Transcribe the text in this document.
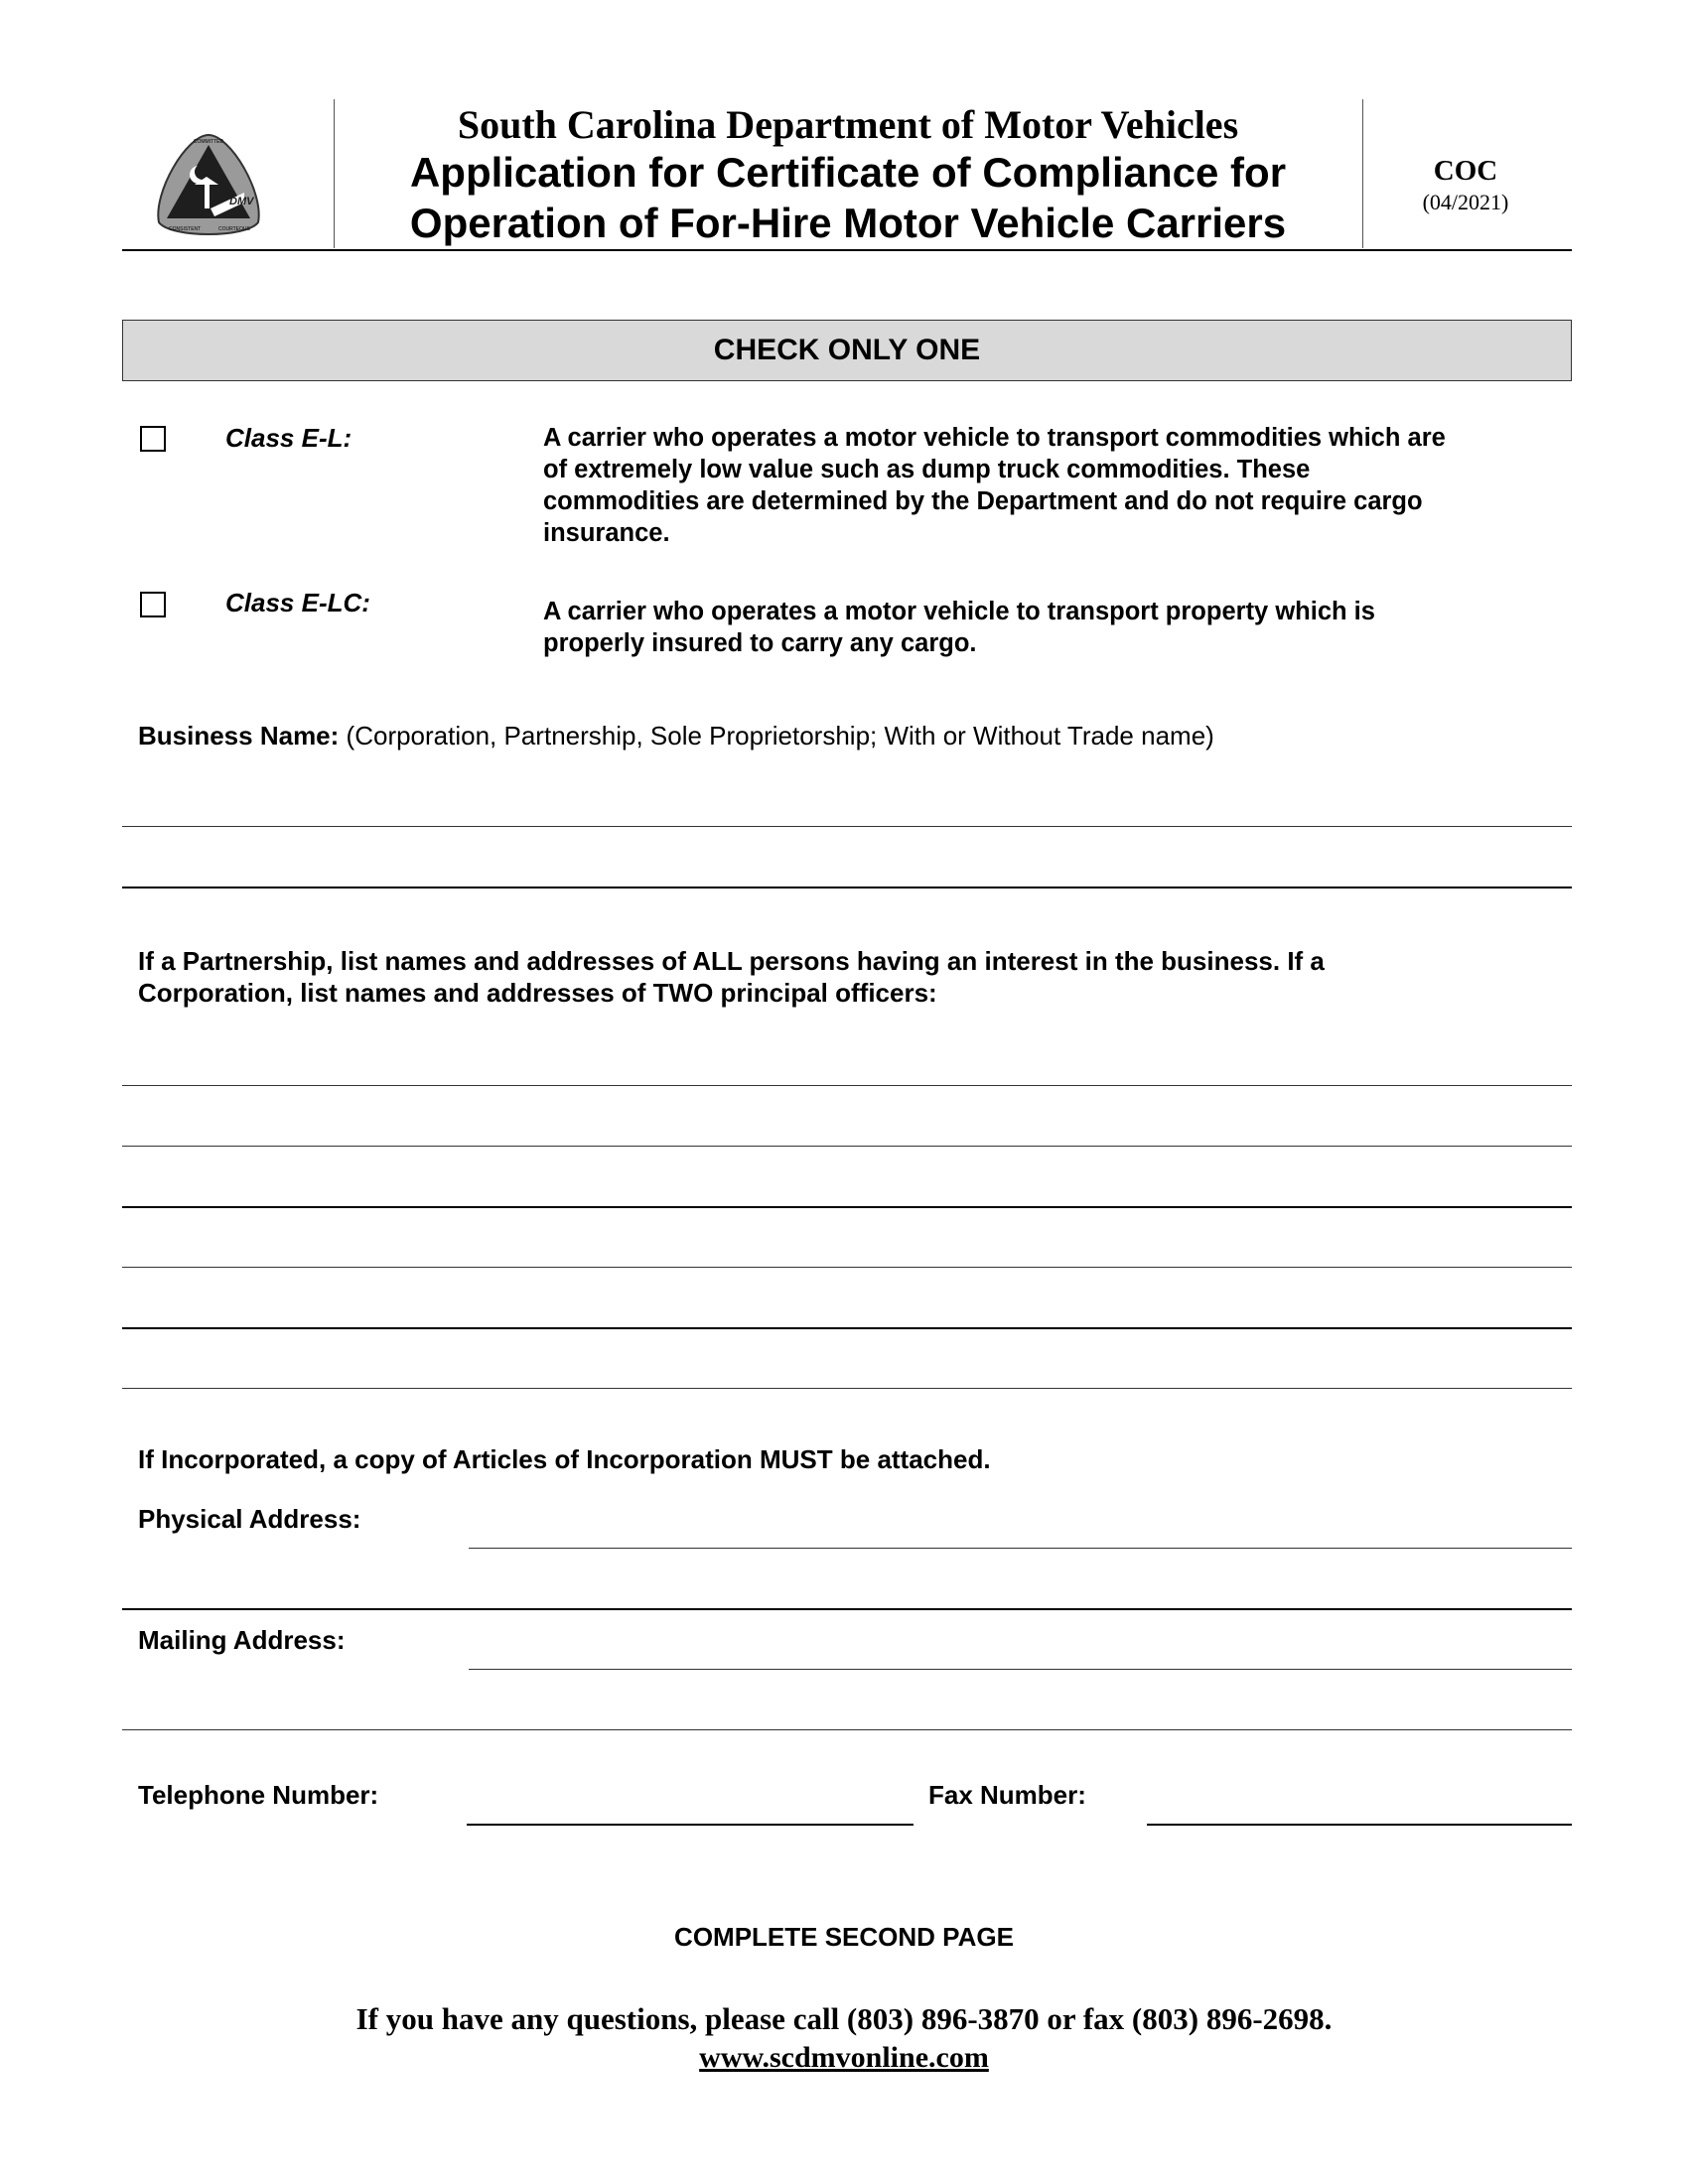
DMV
COMMITTED
CONSISTENT	COURTEOUS
South Carolina Department of Motor Vehicles
Application for Certificate of Compliance for
Operation of For-Hire Motor Vehicle Carriers
COC
(04/2021)
CHECK ONLY ONE
Class E-L:	A carrier who operates a motor vehicle to transport commodities which are
of extremely low value such as dump truck commodities. These
commodities are determined by the Department and do not require cargo
insurance.
Class E-LC:	A carrier who operates a motor vehicle to transport property which is
properly insured to carry any cargo.
Business Name: (Corporation, Partnership, Sole Proprietorship; With or Without Trade name)
If a Partnership, list names and addresses of ALL persons having an interest in the business. If a
Corporation, list names and addresses of TWO principal officers:
If Incorporated, a copy of Articles of Incorporation MUST be attached.
Physical Address:
Mailing Address:
Telephone Number:	Fax Number:
COMPLETE SECOND PAGE
If you have any questions, please call (803) 896-3870 or fax (803) 896-2698.
www.scdmvonline.com
